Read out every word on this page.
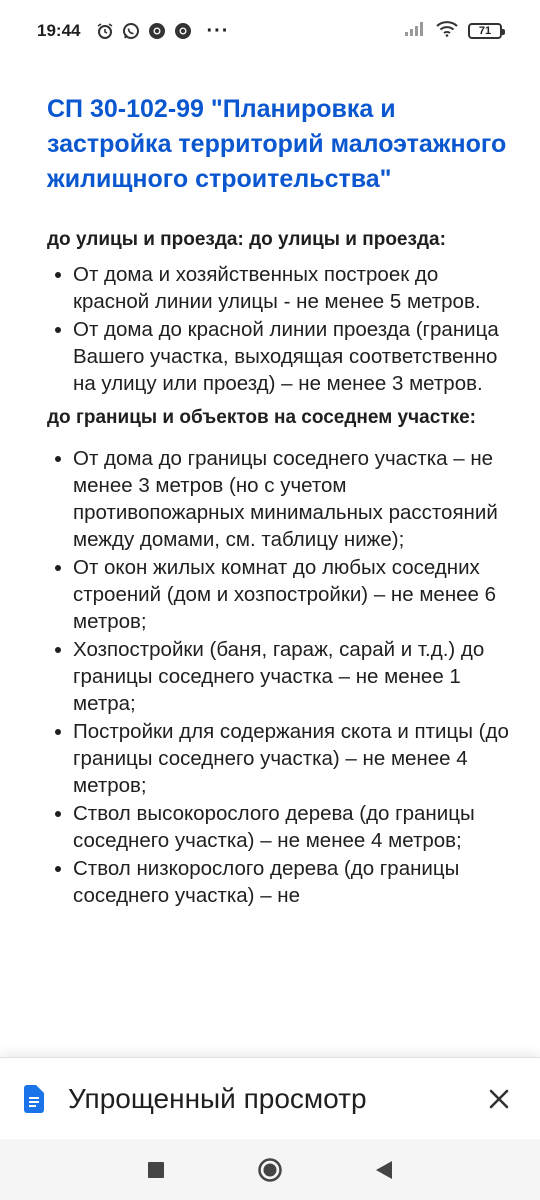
19:44	···	71
СП 30-102-99 "Планировка и застройка территорий малоэтажного жилищного строительства"
до улицы и проезда: до улицы и проезда:
От дома и хозяйственных построек до красной линии улицы - не менее 5 метров.
От дома до красной линии проезда (граница Вашего участка, выходящая соответственно на улицу или проезд) – не менее 3 метров.
до границы и объектов на соседнем участке:
От дома до границы соседнего участка – не менее 3 метров (но с учетом противопожарных минимальных расстояний между домами, см. таблицу ниже);
От окон жилых комнат до любых соседних строений (дом и хозпостройки) – не менее 6 метров;
Хозпостройки (баня, гараж, сарай и т.д.) до границы соседнего участка – не менее 1 метра;
Постройки для содержания скота и птицы (до границы соседнего участка) – не менее 4 метров;
Ствол высокорослого дерева (до границы соседнего участка) – не менее 4 метров;
Ствол низкорослого дерева (до границы соседнего участка) – не
Упрощенный просмотр
